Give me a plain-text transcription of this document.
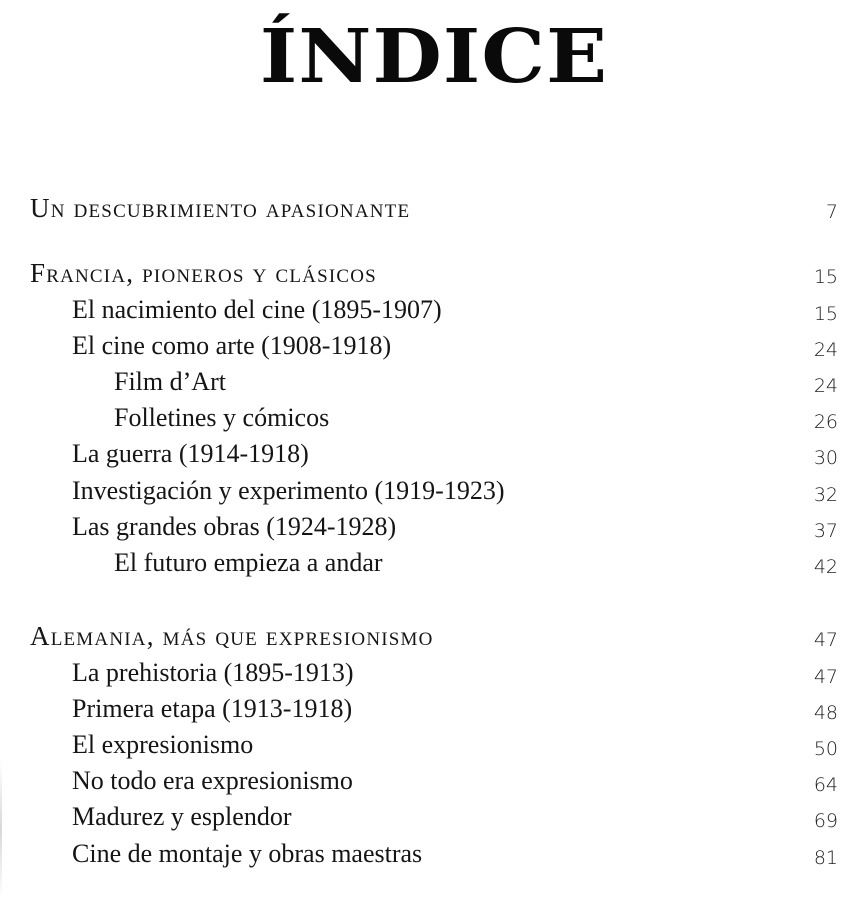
ÍNDICE
Un descubrimiento apasionante	7
Francia, pioneros y clásicos	15
El nacimiento del cine (1895-1907)	15
El cine como arte (1908-1918)	24
Film d’Art	24
Folletines y cómicos	26
La guerra (1914-1918)	30
Investigación y experimento (1919-1923)	32
Las grandes obras (1924-1928)	37
El futuro empieza a andar	42
Alemania, más que expresionismo	47
La prehistoria (1895-1913)	47
Primera etapa (1913-1918)	48
El expresionismo	50
No todo era expresionismo	64
Madurez y esplendor	69
Cine de montaje y obras maestras	81
